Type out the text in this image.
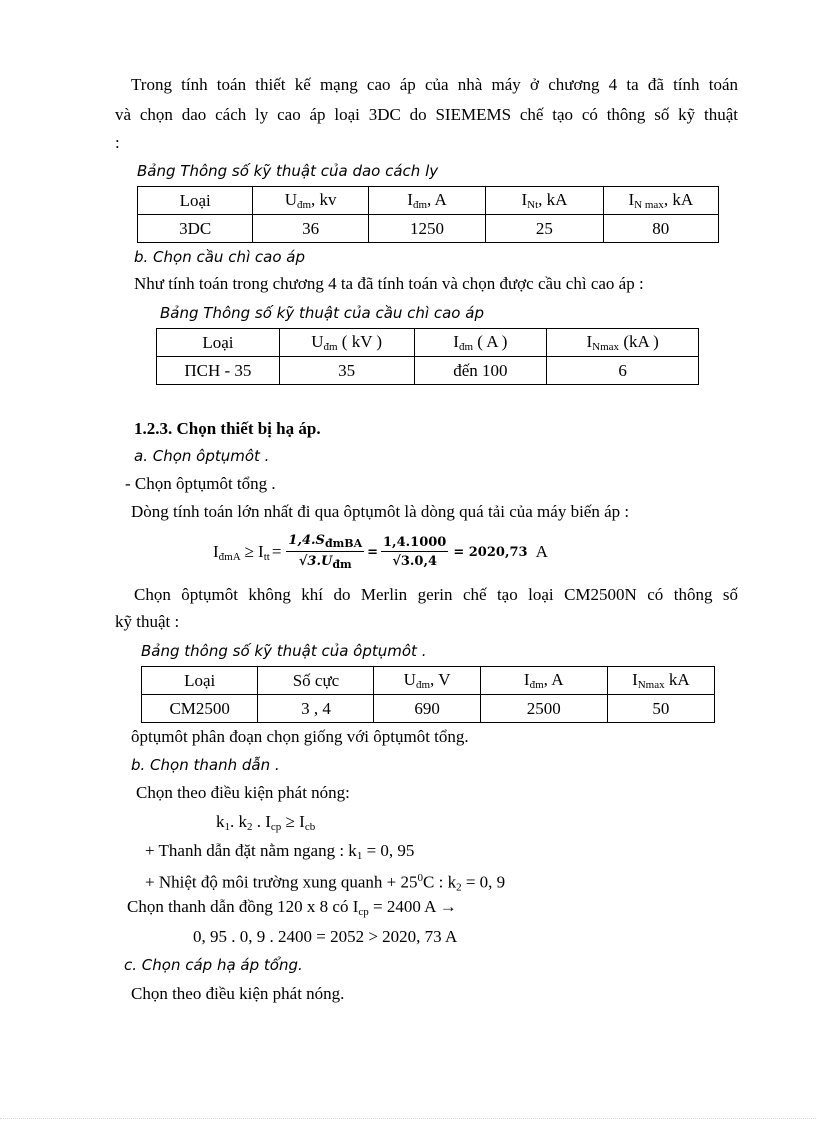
Trong tính toán thiết kế mạng cao áp của nhà máy ở chương 4 ta đã tính toán
và chọn dao cách ly cao áp loại 3DC do SIEMEMS chế tạo có thông số kỹ thuật
:
Bảng Thông số kỹ thuật của dao cách ly
Loại	$U_{đm}$, kv	$I_{đm}$, A	$I_{Nt}$, kA	$I_{N max}$, kA
3DC	36	1250	25	80
b. Chọn cầu chì cao áp
Như tính toán trong chương 4 ta đã tính toán và chọn được cầu chì cao áp :
Bảng Thông số kỹ thuật của cầu chì cao áp
Loại	$U_{đm}$ ( kV )	$I_{đm}$ ( A )	$I_{Nmax}$ (kA )
ПCH - 35	35	đến 100	6
1.2.3. Chọn thiết bị hạ áp.
a. Chọn ôptụmôt .
- Chọn ôptụmôt tổng .
Dòng tính toán lớn nhất đi qua ôptụmôt là dòng quá tải của máy biến áp :
$I_{đmA} \ge I_{tt} = \frac{1,4.S_{đmBA}}{√3.U_{đm}} = \frac{1,4.1000}{√3.0,4} = 2020,73$ A
Chọn ôptụmôt không khí do Merlin gerin chế tạo loại CM2500N có thông số
kỹ thuật :
Bảng thông số kỹ thuật của ôptụmôt .
Loại	Số cực	$U_{đm}$, V	$I_{đm}$, A	$I_{Nmax}$ kA
CM2500	3 , 4	690	2500	50
ôptụmôt phân đoạn chọn giống với ôptụmôt tổng.
b. Chọn thanh dẫn .
Chọn theo điều kiện phát nóng:
$k_1$. $k_2$ . $I_{cp} \ge I_{cb}$
+ Thanh dẫn đặt nằm ngang : $k_1 = 0$, 95
+ Nhiệt độ môi trường xung quanh + $25^0C$ : $k_2 = 0$, 9
Chọn thanh dẫn đồng 120 x 8 có $I_{cp} = 2400$ A →
0, 95 . 0, 9 . 2400 = 2052 > 2020, 73 A
c. Chọn cáp hạ áp tổng.
Chọn theo điều kiện phát nóng.
